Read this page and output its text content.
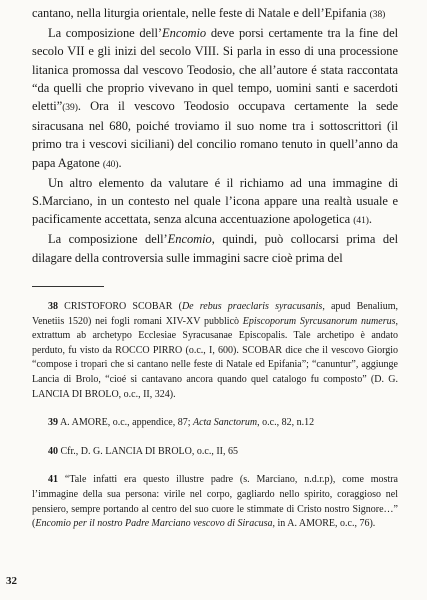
cantano, nella liturgia orientale, nelle feste di Natale e dell’Epifania (38)

La composizione dell’Encomio deve porsi certamente tra la fine del secolo VII e gli inizi del secolo VIII. Si parla in esso di una processione litanica promossa dal vescovo Teodosio, che all’autore é stata raccontata “da quelli che proprio vivevano in quel tempo, uomini santi e sacerdoti eletti”(39). Ora il vescovo Teodosio occupava certamente la sede siracusana nel 680, poiché troviamo il suo nome tra i sottoscrittori (il primo tra i vescovi siciliani) del concilio romano tenuto in quell’anno da papa Agatone (40).

Un altro elemento da valutare é il richiamo ad una immagine di S.Marciano, in un contesto nel quale l’icona appare una realtà usuale e pacificamente accettata, senza alcuna accentuazione apologetica (41).

La composizione dell’Encomio, quindi, può collocarsi prima del dilagare della controversia sulle immagini sacre cioè prima del

38 CRISTOFORO SCOBAR (De rebus praeclaris syracusanis, apud Benalium, Venetiis 1520) nei fogli romani XIV-XV pubblicò Episcoporum Syrcusanorum numerus, extrattum ab archetypo Ecclesiae Syracusanae Episcopalis. Tale archetipo è andato perduto, fu visto da ROCCO PIRRO (o.c., I, 600). SCOBAR dice che il vescovo Giorgio “compose i tropari che si cantano nelle feste di Natale ed Epifania”; “canuntur”, aggiunge Lancia di Brolo, “cioé si cantavano ancora quando quel catalogo fu composto” (D. G. LANCIA DI BROLO, o.c., II, 324).

39 A. AMORE, o.c., appendice, 87; Acta Sanctorum, o.c., 82, n.12

40 Cfr., D. G. LANCIA DI BROLO, o.c., II, 65

41 “Tale infatti era questo illustre padre (s. Marciano, n.d.r.p), come mostra l’immagine della sua persona: virile nel corpo, gagliardo nello spirito, coraggioso nel pensiero, sempre portando al centro del suo cuore le stimmate di Cristo nostro Signore…” (Encomio per il nostro Padre Marciano vescovo di Siracusa, in A. AMORE, o.c., 76).

32
